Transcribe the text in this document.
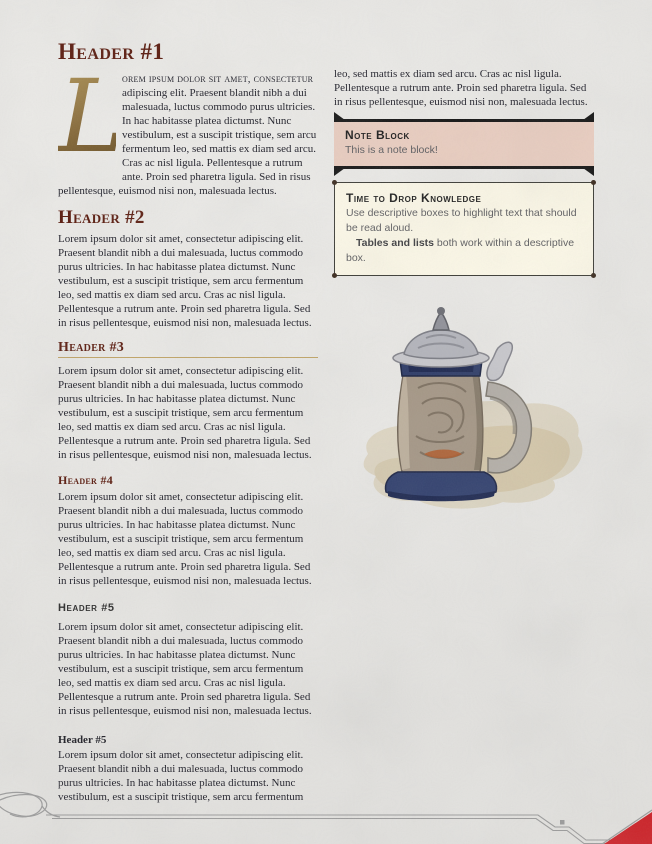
Header #1
L
orem ipsum dolor sit amet, consectetur adipiscing elit. Praesent blandit nibh a dui malesuada, luctus commodo purus ultricies. In hac habitasse platea dictumst. Nunc vestibulum, est a suscipit tristique, sem arcu fermentum leo, sed mattis ex diam sed arcu. Cras ac nisl ligula. Pellentesque a rutrum ante. Proin sed pharetra ligula. Sed in risus pellentesque, euismod nisi non, malesuada lectus.
Header #2
Lorem ipsum dolor sit amet, consectetur adipiscing elit. Praesent blandit nibh a dui malesuada, luctus commodo purus ultricies. In hac habitasse platea dictumst. Nunc vestibulum, est a suscipit tristique, sem arcu fermentum leo, sed mattis ex diam sed arcu. Cras ac nisl ligula. Pellentesque a rutrum ante. Proin sed pharetra ligula. Sed in risus pellentesque, euismod nisi non, malesuada lectus.
Header #3
Lorem ipsum dolor sit amet, consectetur adipiscing elit. Praesent blandit nibh a dui malesuada, luctus commodo purus ultricies. In hac habitasse platea dictumst. Nunc vestibulum, est a suscipit tristique, sem arcu fermentum leo, sed mattis ex diam sed arcu. Cras ac nisl ligula. Pellentesque a rutrum ante. Proin sed pharetra ligula. Sed in risus pellentesque, euismod nisi non, malesuada lectus.
Header #4
Lorem ipsum dolor sit amet, consectetur adipiscing elit. Praesent blandit nibh a dui malesuada, luctus commodo purus ultricies. In hac habitasse platea dictumst. Nunc vestibulum, est a suscipit tristique, sem arcu fermentum leo, sed mattis ex diam sed arcu. Cras ac nisl ligula. Pellentesque a rutrum ante. Proin sed pharetra ligula. Sed in risus pellentesque, euismod nisi non, malesuada lectus.
Header #5
Lorem ipsum dolor sit amet, consectetur adipiscing elit. Praesent blandit nibh a dui malesuada, luctus commodo purus ultricies. In hac habitasse platea dictumst. Nunc vestibulum, est a suscipit tristique, sem arcu fermentum leo, sed mattis ex diam sed arcu. Cras ac nisl ligula. Pellentesque a rutrum ante. Proin sed pharetra ligula. Sed in risus pellentesque, euismod nisi non, malesuada lectus.
Header #5
Lorem ipsum dolor sit amet, consectetur adipiscing elit. Praesent blandit nibh a dui malesuada, luctus commodo purus ultricies. In hac habitasse platea dictumst. Nunc vestibulum, est a suscipit tristique, sem arcu fermentum
leo, sed mattis ex diam sed arcu. Cras ac nisl ligula. Pellentesque a rutrum ante. Proin sed pharetra ligula. Sed in risus pellentesque, euismod nisi non, malesuada lectus.
Note Block
This is a note block!
Time to Drop Knowledge
Use descriptive boxes to highlight text that should be read aloud.
Tables and lists both work within a descriptive box.
